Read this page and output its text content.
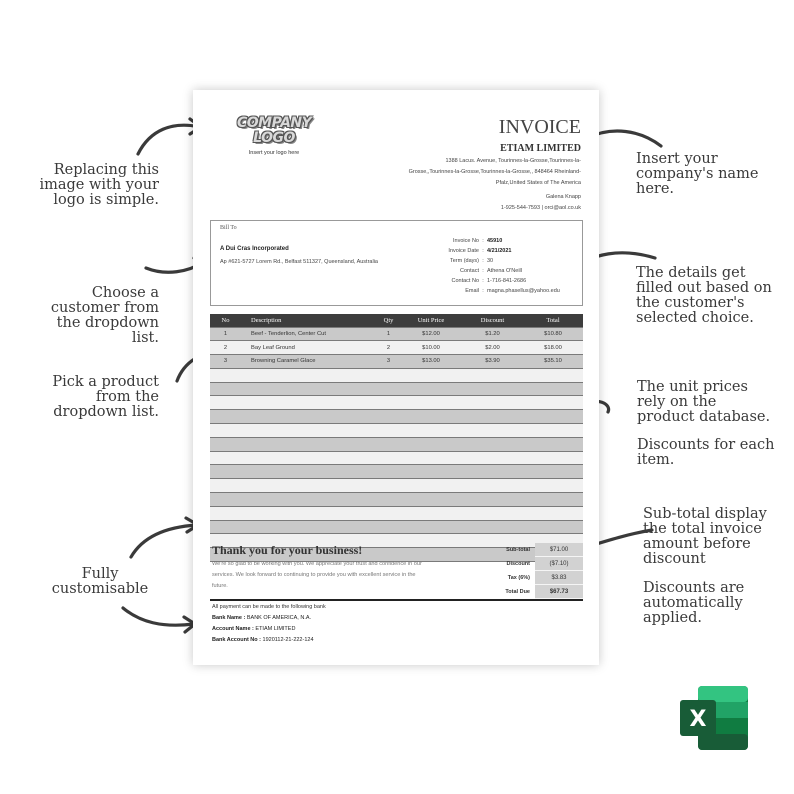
Replacing this
image with your
logo is simple.
Insert your
company's name
here.
Choose a
customer from
the dropdown
list.
The details get
filled out based on
the customer's
selected choice.
Pick a product
from the
dropdown list.
The unit prices
rely on the
product database.
Discounts for each
item.
Sub-total display
the total invoice
amount before
discount
Discounts are
automatically
applied.
Fully
customisable
COMPANY
LOGO
Insert your logo here
INVOICE
ETIAM LIMITED
1388 Lacus. Avenue, Tourinnes-la-Grosse,Tourinnes-la-Grosse,,Tourinnes-la-Grosse,Tourinnes-la-Grosse,, 848464 Rheinland-Pfalz,United States of The America
Galena Knapp
1-925-544-7593 | orci@aol.co.uk
Bill To
A Dui Cras Incorporated
Ap #621-5727 Lorem Rd., Belfast 511327, Queensland, Australia
Invoice No : 45910
Invoice Date : 4/21/2021
Term (days) : 30
Contact : Athena O'Neill
Contact No : 1-716-841-2686
Email : magna.phasellus@yahoo.edu
No	Description	Qty	Unit Price	Discount	Total
1	Beef - Tenderlion, Center Cut	1	$12.00	$1.20	$10.80
2	Bay Leaf Ground	2	$10.00	$2.00	$18.00
3	Browning Caramel Glace	3	$13.00	$3.90	$35.10

Thank you for your business!
We're so glad to be working with you. We appreciate your trust and confidence in our services. We look forward to continuing to provide you with excellent service in the future.
Sub-total	$71.00
Discount	($7.10)
Tax (6%)	$3.83
Total Due	$67.73
All payment can be made to the following bank
Bank Name : BANK OF AMERICA, N.A.
Account Name : ETIAM LIMITED
Bank Account No : 1920112-21-222-124
X
